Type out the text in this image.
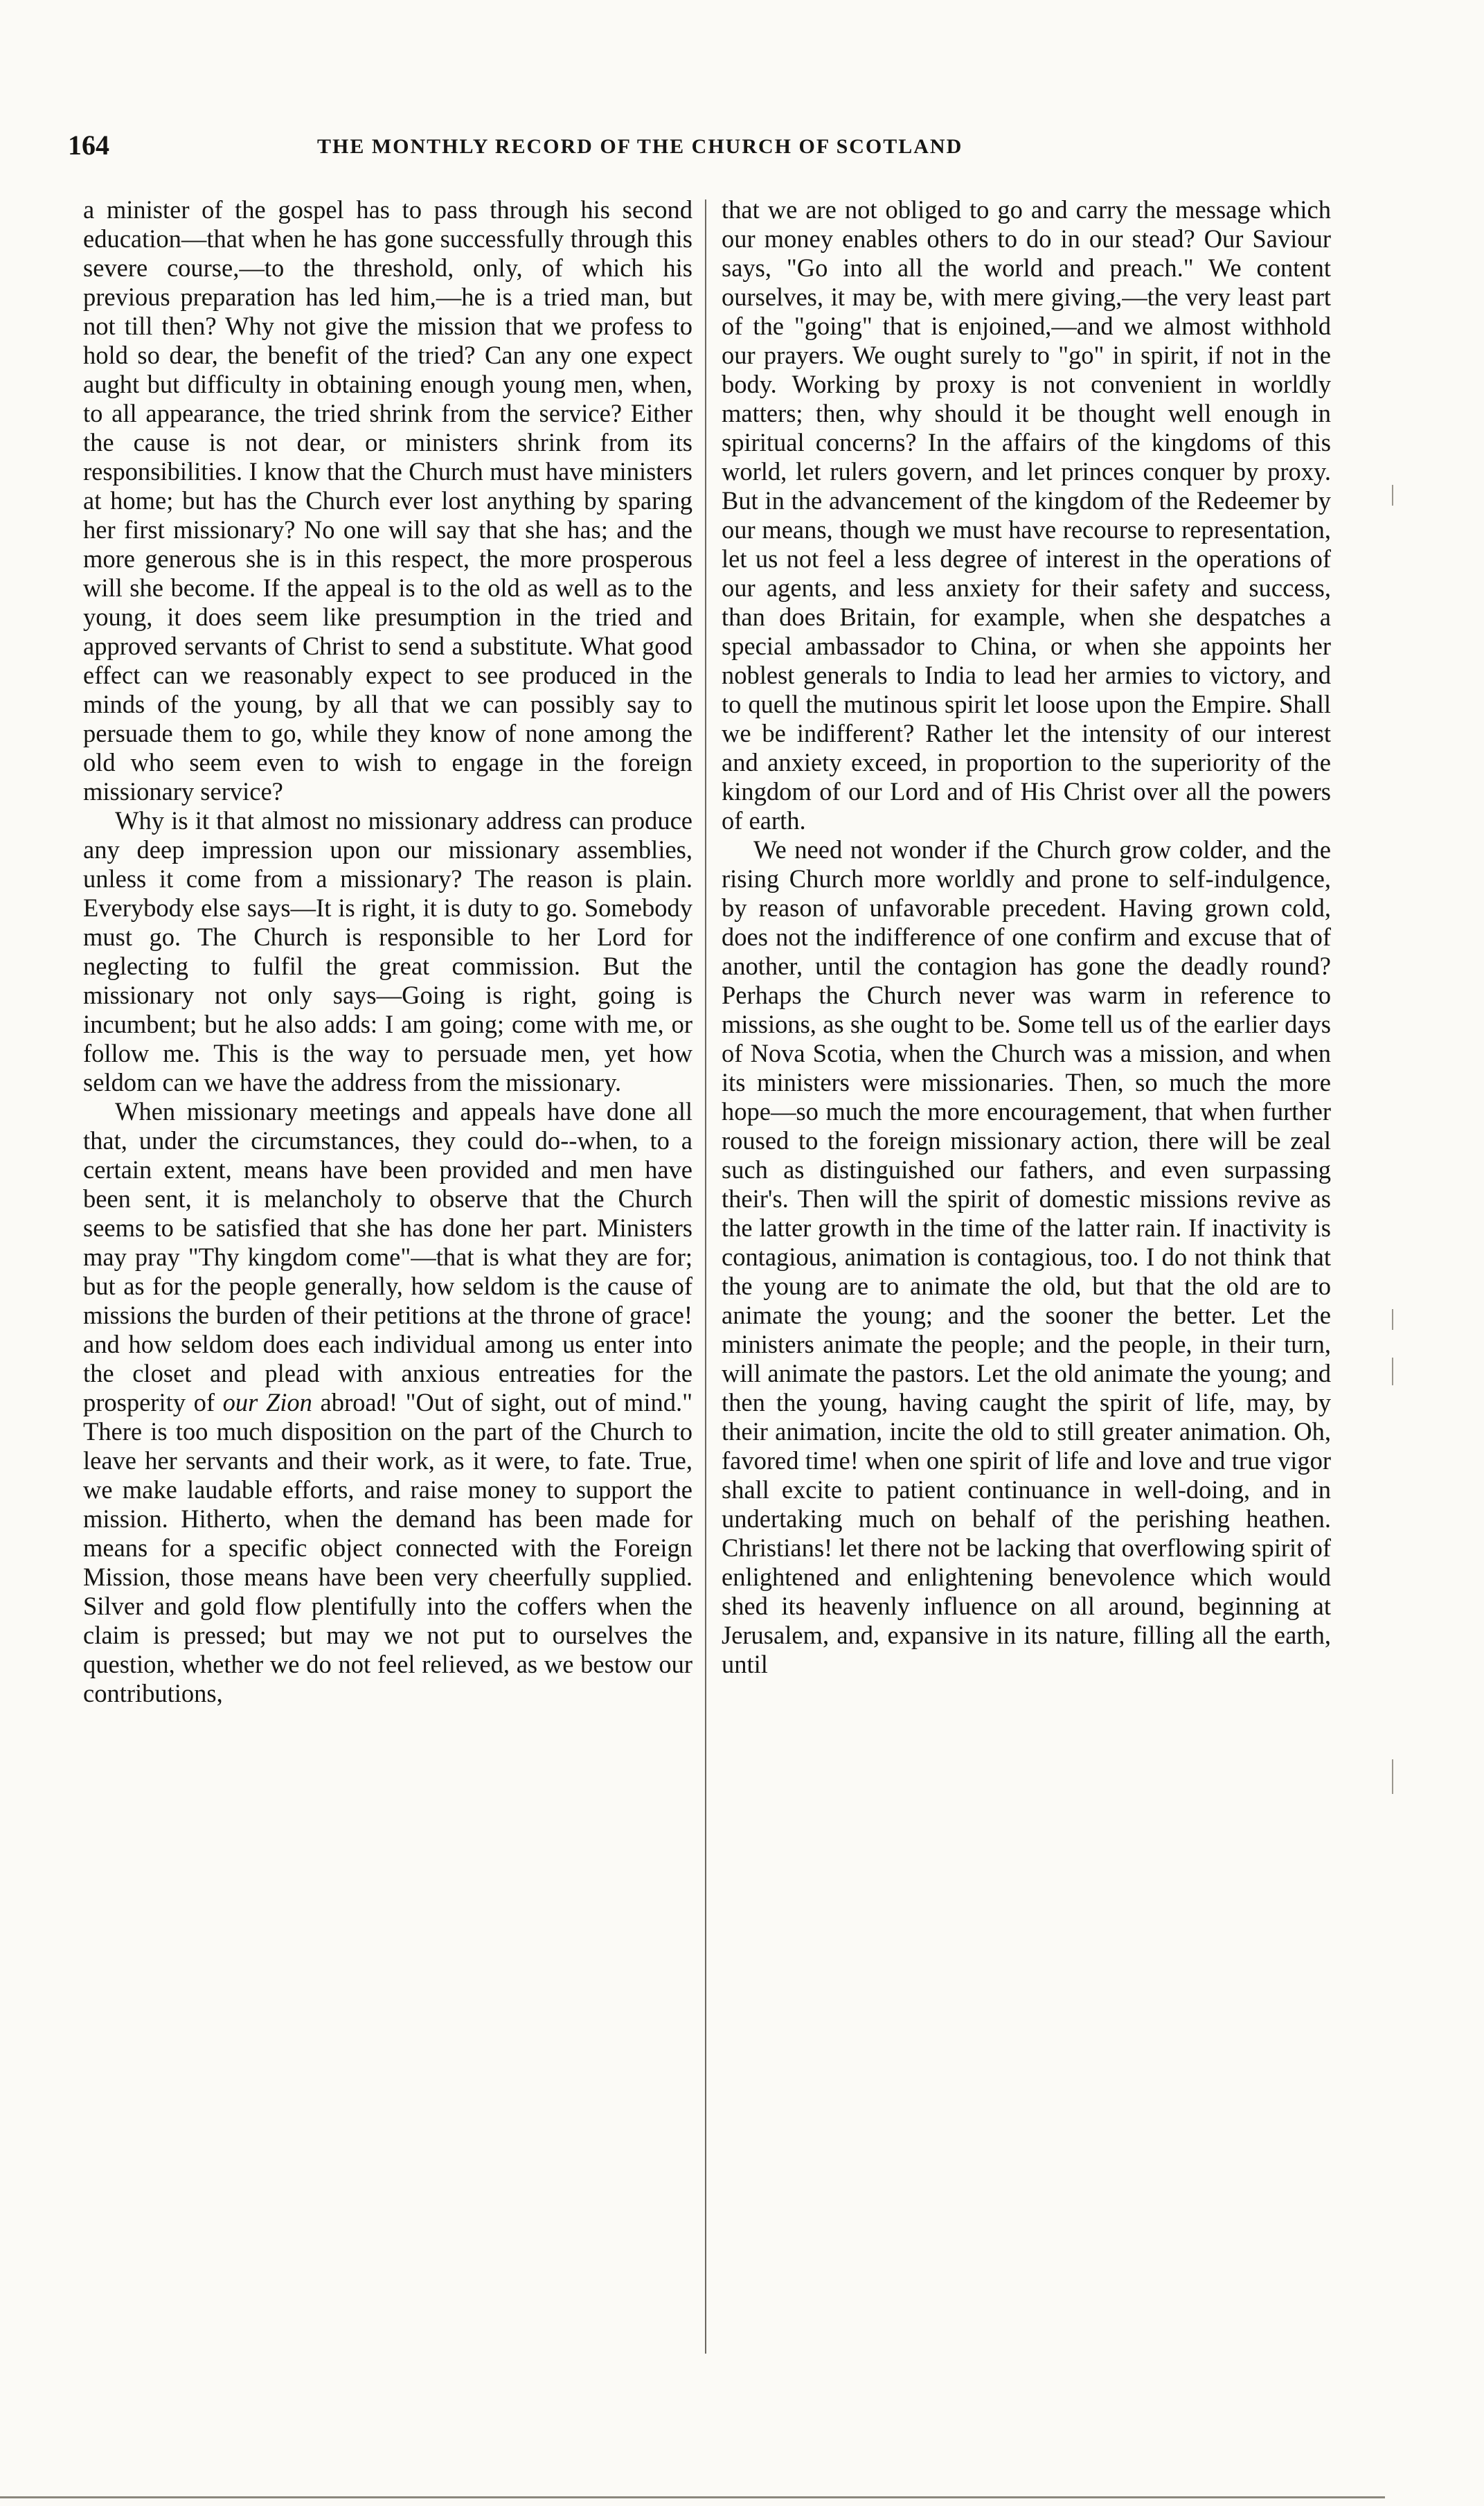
164	THE MONTHLY RECORD OF THE CHURCH OF SCOTLAND

a minister of the gospel has to pass through his second education—that when he has gone successfully through this severe course,—to the threshold, only, of which his previous preparation has led him,—he is a tried man, but not till then? Why not give the mission that we profess to hold so dear, the benefit of the tried? Can any one expect aught but difficulty in obtaining enough young men, when, to all appearance, the tried shrink from the service? Either the cause is not dear, or ministers shrink from its responsibilities. I know that the Church must have ministers at home; but has the Church ever lost anything by sparing her first missionary? No one will say that she has; and the more generous she is in this respect, the more prosperous will she become. If the appeal is to the old as well as to the young, it does seem like presumption in the tried and approved servants of Christ to send a substitute. What good effect can we reasonably expect to see produced in the minds of the young, by all that we can possibly say to persuade them to go, while they know of none among the old who seem even to wish to engage in the foreign missionary service?

Why is it that almost no missionary address can produce any deep impression upon our missionary assemblies, unless it come from a missionary? The reason is plain. Everybody else says—It is right, it is duty to go. Somebody must go. The Church is responsible to her Lord for neglecting to fulfil the great commission. But the missionary not only says—Going is right, going is incumbent; but he also adds: I am going; come with me, or follow me. This is the way to persuade men, yet how seldom can we have the address from the missionary.

When missionary meetings and appeals have done all that, under the circumstances, they could do--when, to a certain extent, means have been provided and men have been sent, it is melancholy to observe that the Church seems to be satisfied that she has done her part. Ministers may pray "Thy kingdom come"—that is what they are for; but as for the people generally, how seldom is the cause of missions the burden of their petitions at the throne of grace! and how seldom does each individual among us enter into the closet and plead with anxious entreaties for the prosperity of our Zion abroad! "Out of sight, out of mind." There is too much disposition on the part of the Church to leave her servants and their work, as it were, to fate. True, we make laudable efforts, and raise money to support the mission. Hitherto, when the demand has been made for means for a specific object connected with the Foreign Mission, those means have been very cheerfully supplied. Silver and gold flow plentifully into the coffers when the claim is pressed; but may we not put to ourselves the question, whether we do not feel relieved, as we bestow our contributions,

that we are not obliged to go and carry the message which our money enables others to do in our stead? Our Saviour says, "Go into all the world and preach." We content ourselves, it may be, with mere giving,—the very least part of the "going" that is enjoined,—and we almost withhold our prayers. We ought surely to "go" in spirit, if not in the body. Working by proxy is not convenient in worldly matters; then, why should it be thought well enough in spiritual concerns? In the affairs of the kingdoms of this world, let rulers govern, and let princes conquer by proxy. But in the advancement of the kingdom of the Redeemer by our means, though we must have recourse to representation, let us not feel a less degree of interest in the operations of our agents, and less anxiety for their safety and success, than does Britain, for example, when she despatches a special ambassador to China, or when she appoints her noblest generals to India to lead her armies to victory, and to quell the mutinous spirit let loose upon the Empire. Shall we be indifferent? Rather let the intensity of our interest and anxiety exceed, in proportion to the superiority of the kingdom of our Lord and of His Christ over all the powers of earth.

We need not wonder if the Church grow colder, and the rising Church more worldly and prone to self-indulgence, by reason of unfavorable precedent. Having grown cold, does not the indifference of one confirm and excuse that of another, until the contagion has gone the deadly round? Perhaps the Church never was warm in reference to missions, as she ought to be. Some tell us of the earlier days of Nova Scotia, when the Church was a mission, and when its ministers were missionaries. Then, so much the more hope—so much the more encouragement, that when further roused to the foreign missionary action, there will be zeal such as distinguished our fathers, and even surpassing their's. Then will the spirit of domestic missions revive as the latter growth in the time of the latter rain. If inactivity is contagious, animation is contagious, too. I do not think that the young are to animate the old, but that the old are to animate the young; and the sooner the better. Let the ministers animate the people; and the people, in their turn, will animate the pastors. Let the old animate the young; and then the young, having caught the spirit of life, may, by their animation, incite the old to still greater animation. Oh, favored time! when one spirit of life and love and true vigor shall excite to patient continuance in well-doing, and in undertaking much on behalf of the perishing heathen. Christians! let there not be lacking that overflowing spirit of enlightened and enlightening benevolence which would shed its heavenly influence on all around, beginning at Jerusalem, and, expansive in its nature, filling all the earth, until
